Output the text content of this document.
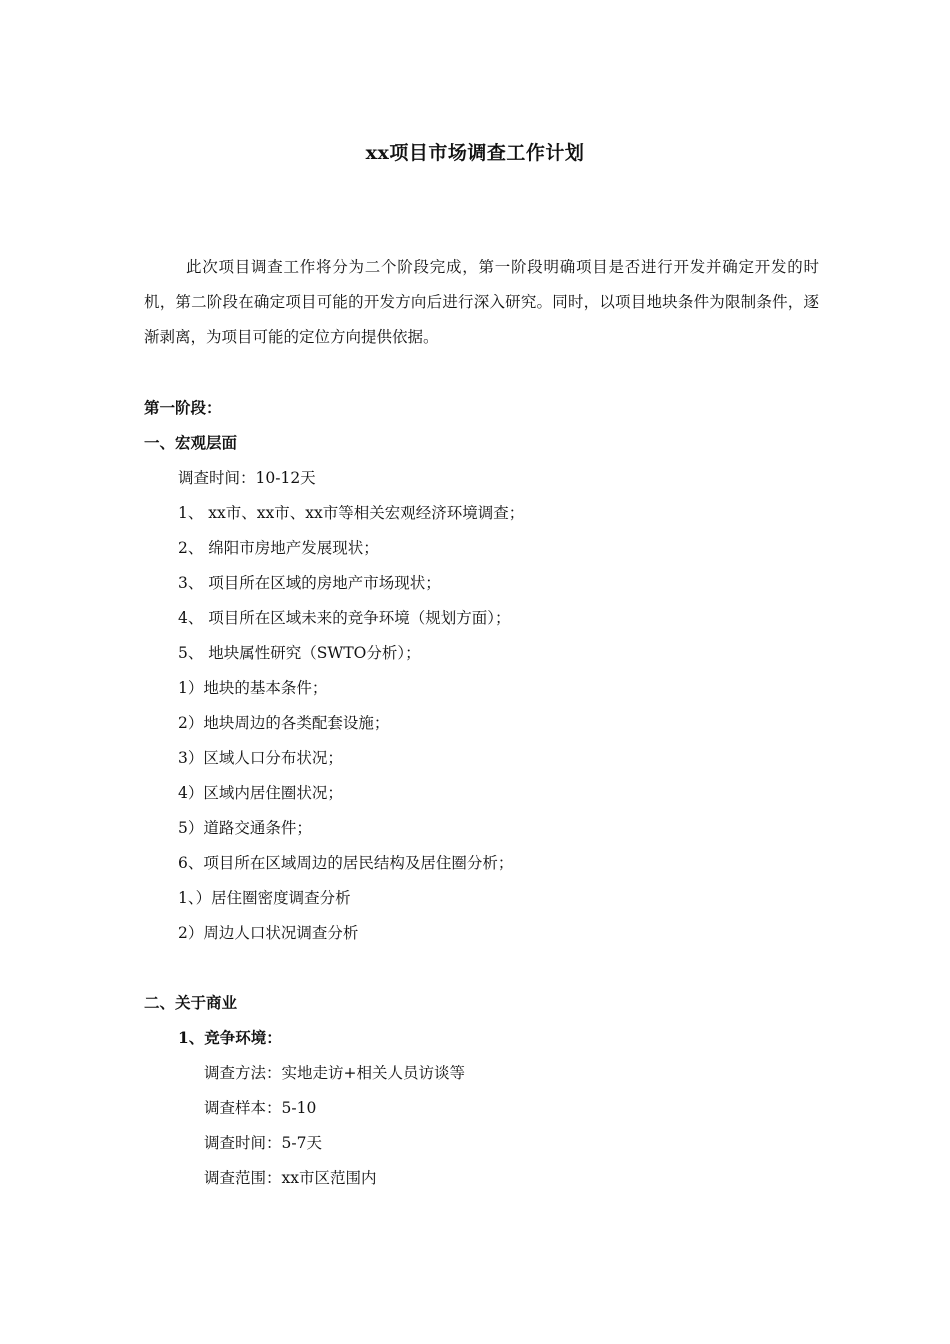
xx项目市场调查工作计划
此次项目调查工作将分为二个阶段完成，第一阶段明确项目是否进行开发并确定开发的时机，第二阶段在确定项目可能的开发方向后进行深入研究。同时，以项目地块条件为限制条件，逐渐剥离，为项目可能的定位方向提供依据。
第一阶段：
一、宏观层面
调查时间：10-12天
1、 xx市、xx市、xx市等相关宏观经济环境调查；
2、 绵阳市房地产发展现状；
3、 项目所在区域的房地产市场现状；
4、 项目所在区域未来的竞争环境（规划方面）；
5、 地块属性研究（SWTO分析）；
1）地块的基本条件；
2）地块周边的各类配套设施；
3）区域人口分布状况；
4）区域内居住圈状况；
5）道路交通条件；
6、项目所在区域周边的居民结构及居住圈分析；
1、）居住圈密度调查分析
2）周边人口状况调查分析
二、关于商业
1、竞争环境：
调查方法：实地走访+相关人员访谈等
调查样本：5-10
调查时间：5-7天
调查范围：xx市区范围内
